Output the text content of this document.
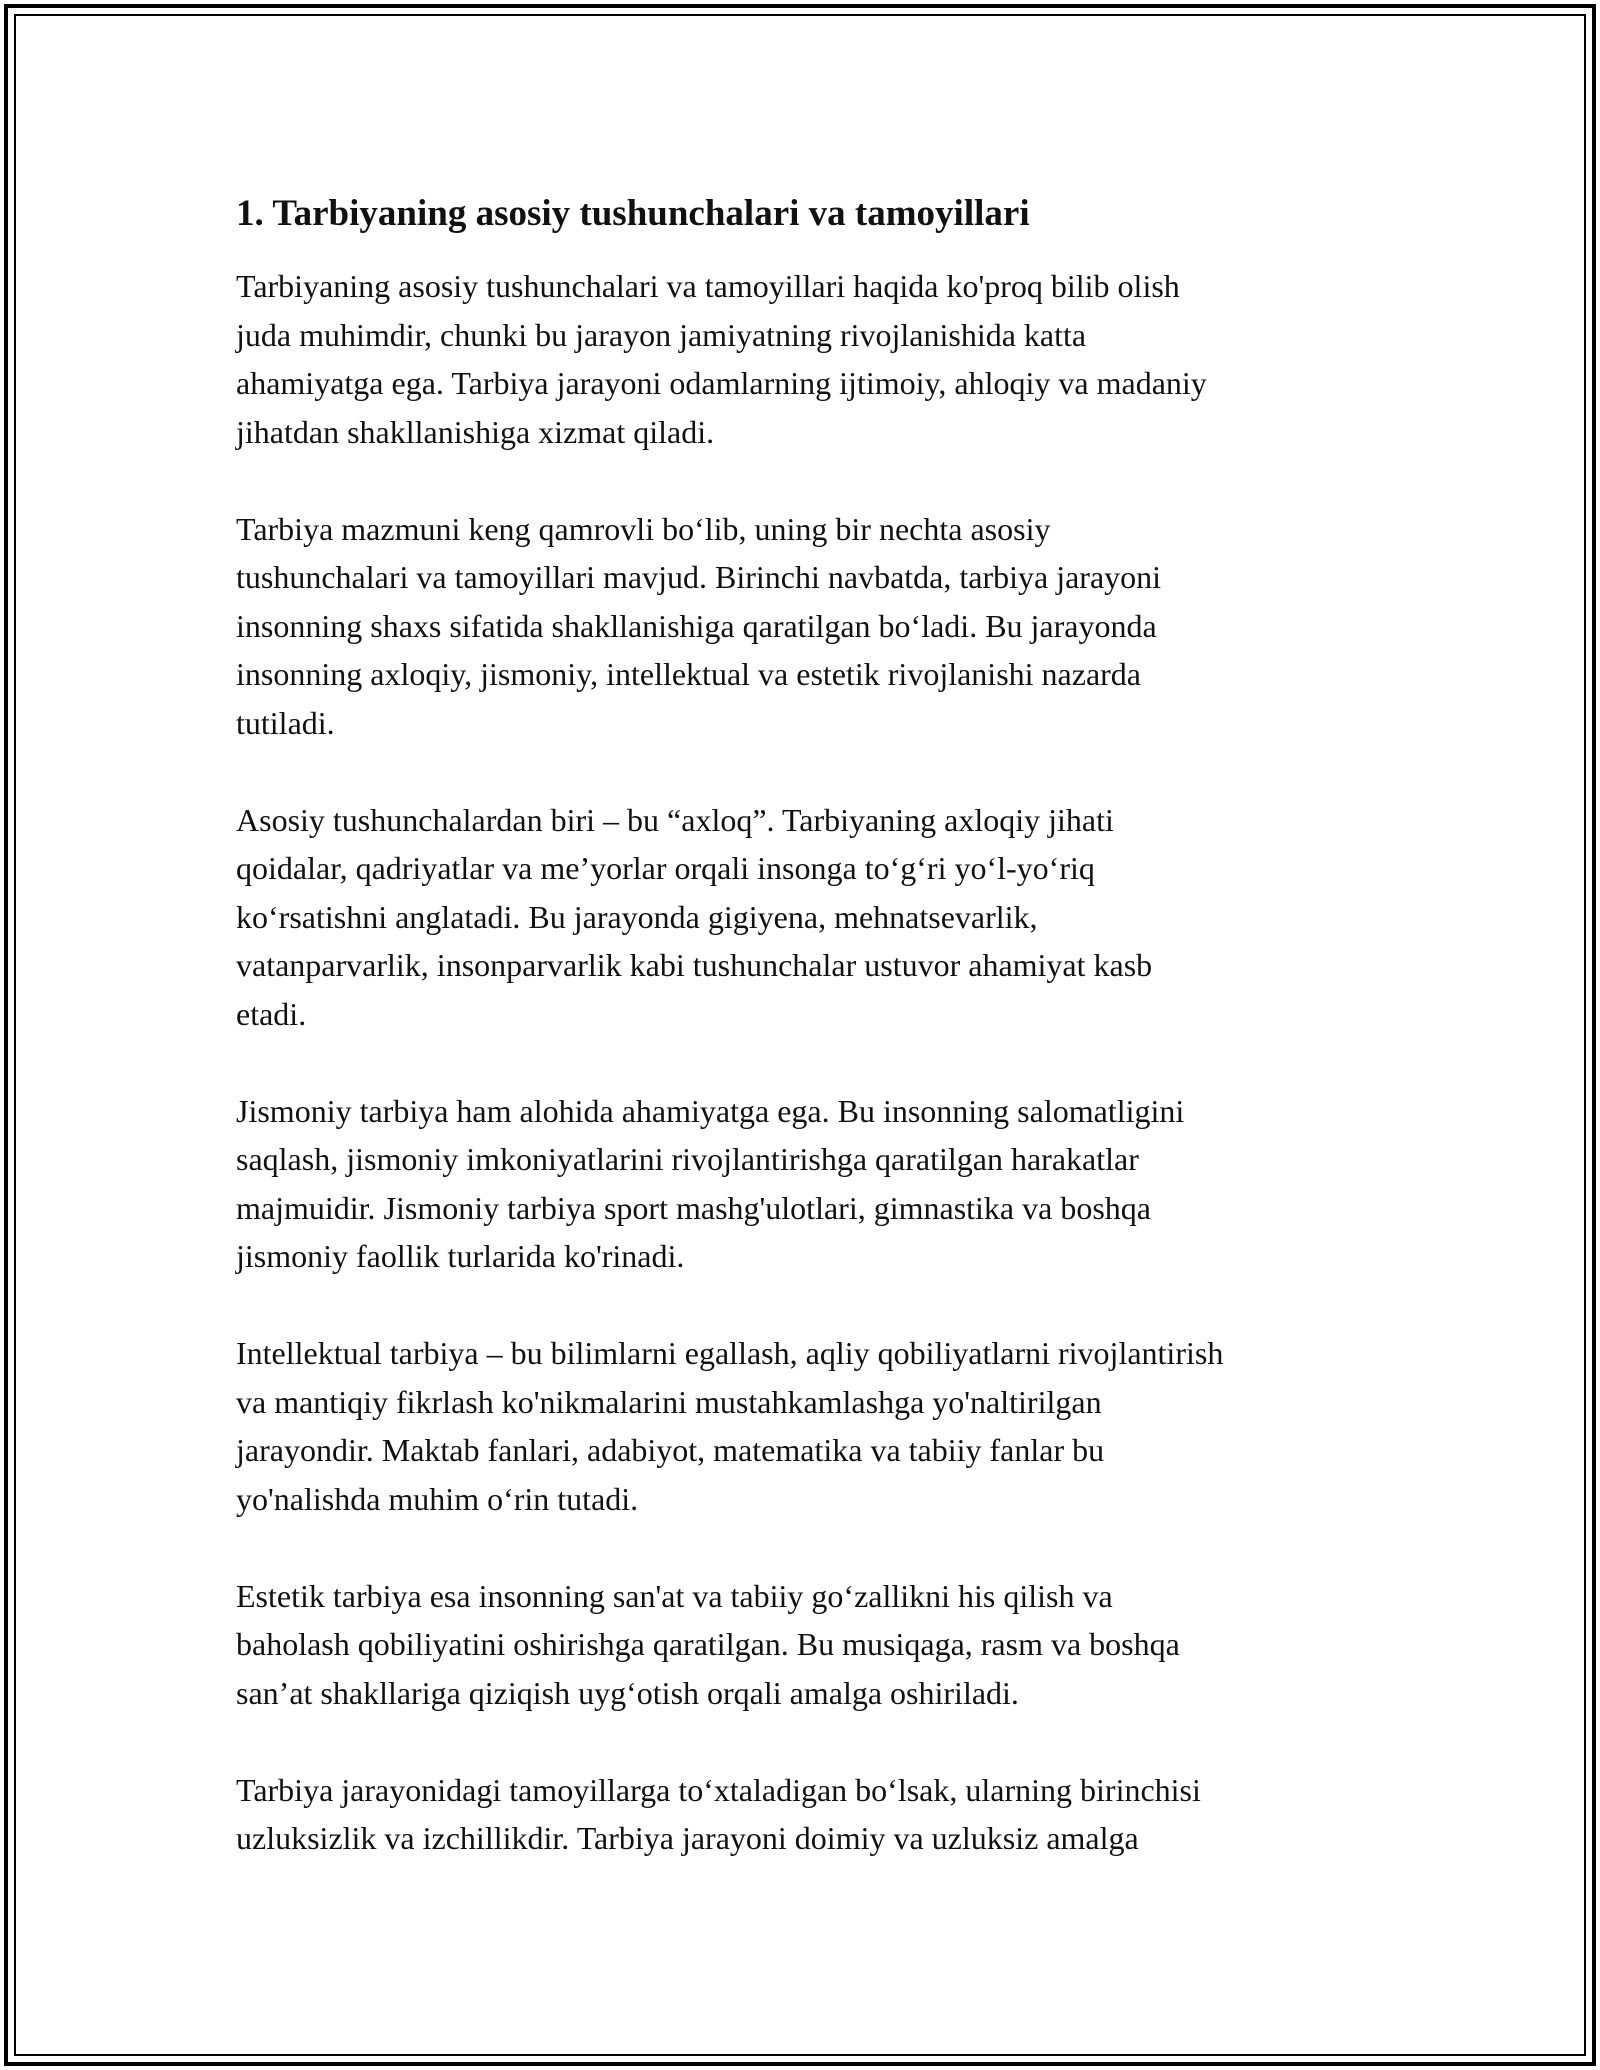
1. Tarbiyaning asosiy tushunchalari va tamoyillari

Tarbiyaning asosiy tushunchalari va tamoyillari haqida ko'proq bilib olish
juda muhimdir, chunki bu jarayon jamiyatning rivojlanishida katta
ahamiyatga ega. Tarbiya jarayoni odamlarning ijtimoiy, ahloqiy va madaniy
jihatdan shakllanishiga xizmat qiladi.

Tarbiya mazmuni keng qamrovli bo‘lib, uning bir nechta asosiy
tushunchalari va tamoyillari mavjud. Birinchi navbatda, tarbiya jarayoni
insonning shaxs sifatida shakllanishiga qaratilgan bo‘ladi. Bu jarayonda
insonning axloqiy, jismoniy, intellektual va estetik rivojlanishi nazarda
tutiladi.

Asosiy tushunchalardan biri – bu “axloq”. Tarbiyaning axloqiy jihati
qoidalar, qadriyatlar va me’yorlar orqali insonga to‘g‘ri yo‘l-yo‘riq
ko‘rsatishni anglatadi. Bu jarayonda gigiyena, mehnatsevarlik,
vatanparvarlik, insonparvarlik kabi tushunchalar ustuvor ahamiyat kasb
etadi.

Jismoniy tarbiya ham alohida ahamiyatga ega. Bu insonning salomatligini
saqlash, jismoniy imkoniyatlarini rivojlantirishga qaratilgan harakatlar
majmuidir. Jismoniy tarbiya sport mashg'ulotlari, gimnastika va boshqa
jismoniy faollik turlarida ko'rinadi.

Intellektual tarbiya – bu bilimlarni egallash, aqliy qobiliyatlarni rivojlantirish
va mantiqiy fikrlash ko'nikmalarini mustahkamlashga yo'naltirilgan
jarayondir. Maktab fanlari, adabiyot, matematika va tabiiy fanlar bu
yo'nalishda muhim o‘rin tutadi.

Estetik tarbiya esa insonning san'at va tabiiy go‘zallikni his qilish va
baholash qobiliyatini oshirishga qaratilgan. Bu musiqaga, rasm va boshqa
san’at shakllariga qiziqish uyg‘otish orqali amalga oshiriladi.

Tarbiya jarayonidagi tamoyillarga to‘xtaladigan bo‘lsak, ularning birinchisi
uzluksizlik va izchillikdir. Tarbiya jarayoni doimiy va uzluksiz amalga
